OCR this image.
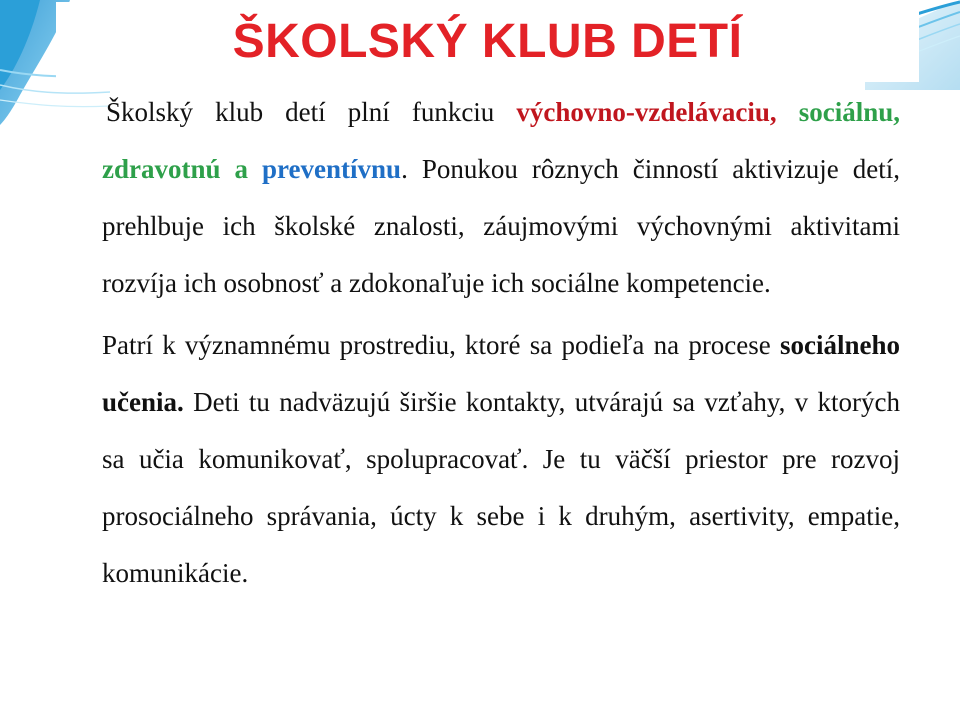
ŠKOLSKÝ KLUB DETÍ

Školský klub detí plní funkciu výchovno-vzdelávaciu, sociálnu, zdravotnú a preventívnu. Ponukou rôznych činností aktivizuje detí, prehlbuje ich školské znalosti, záujmovými výchovnými aktivitami rozvíja ich osobnosť a zdokonaľuje ich sociálne kompetencie.

Patrí k významnému prostrediu, ktoré sa podieľa na procese sociálneho učenia. Deti tu nadväzujú širšie kontakty, utvárajú sa vzťahy, v ktorých sa učia komunikovať, spolupracovať. Je tu väčší priestor pre rozvoj prosociálneho správania, úcty k sebe i k druhým, asertivity, empatie, komunikácie.
